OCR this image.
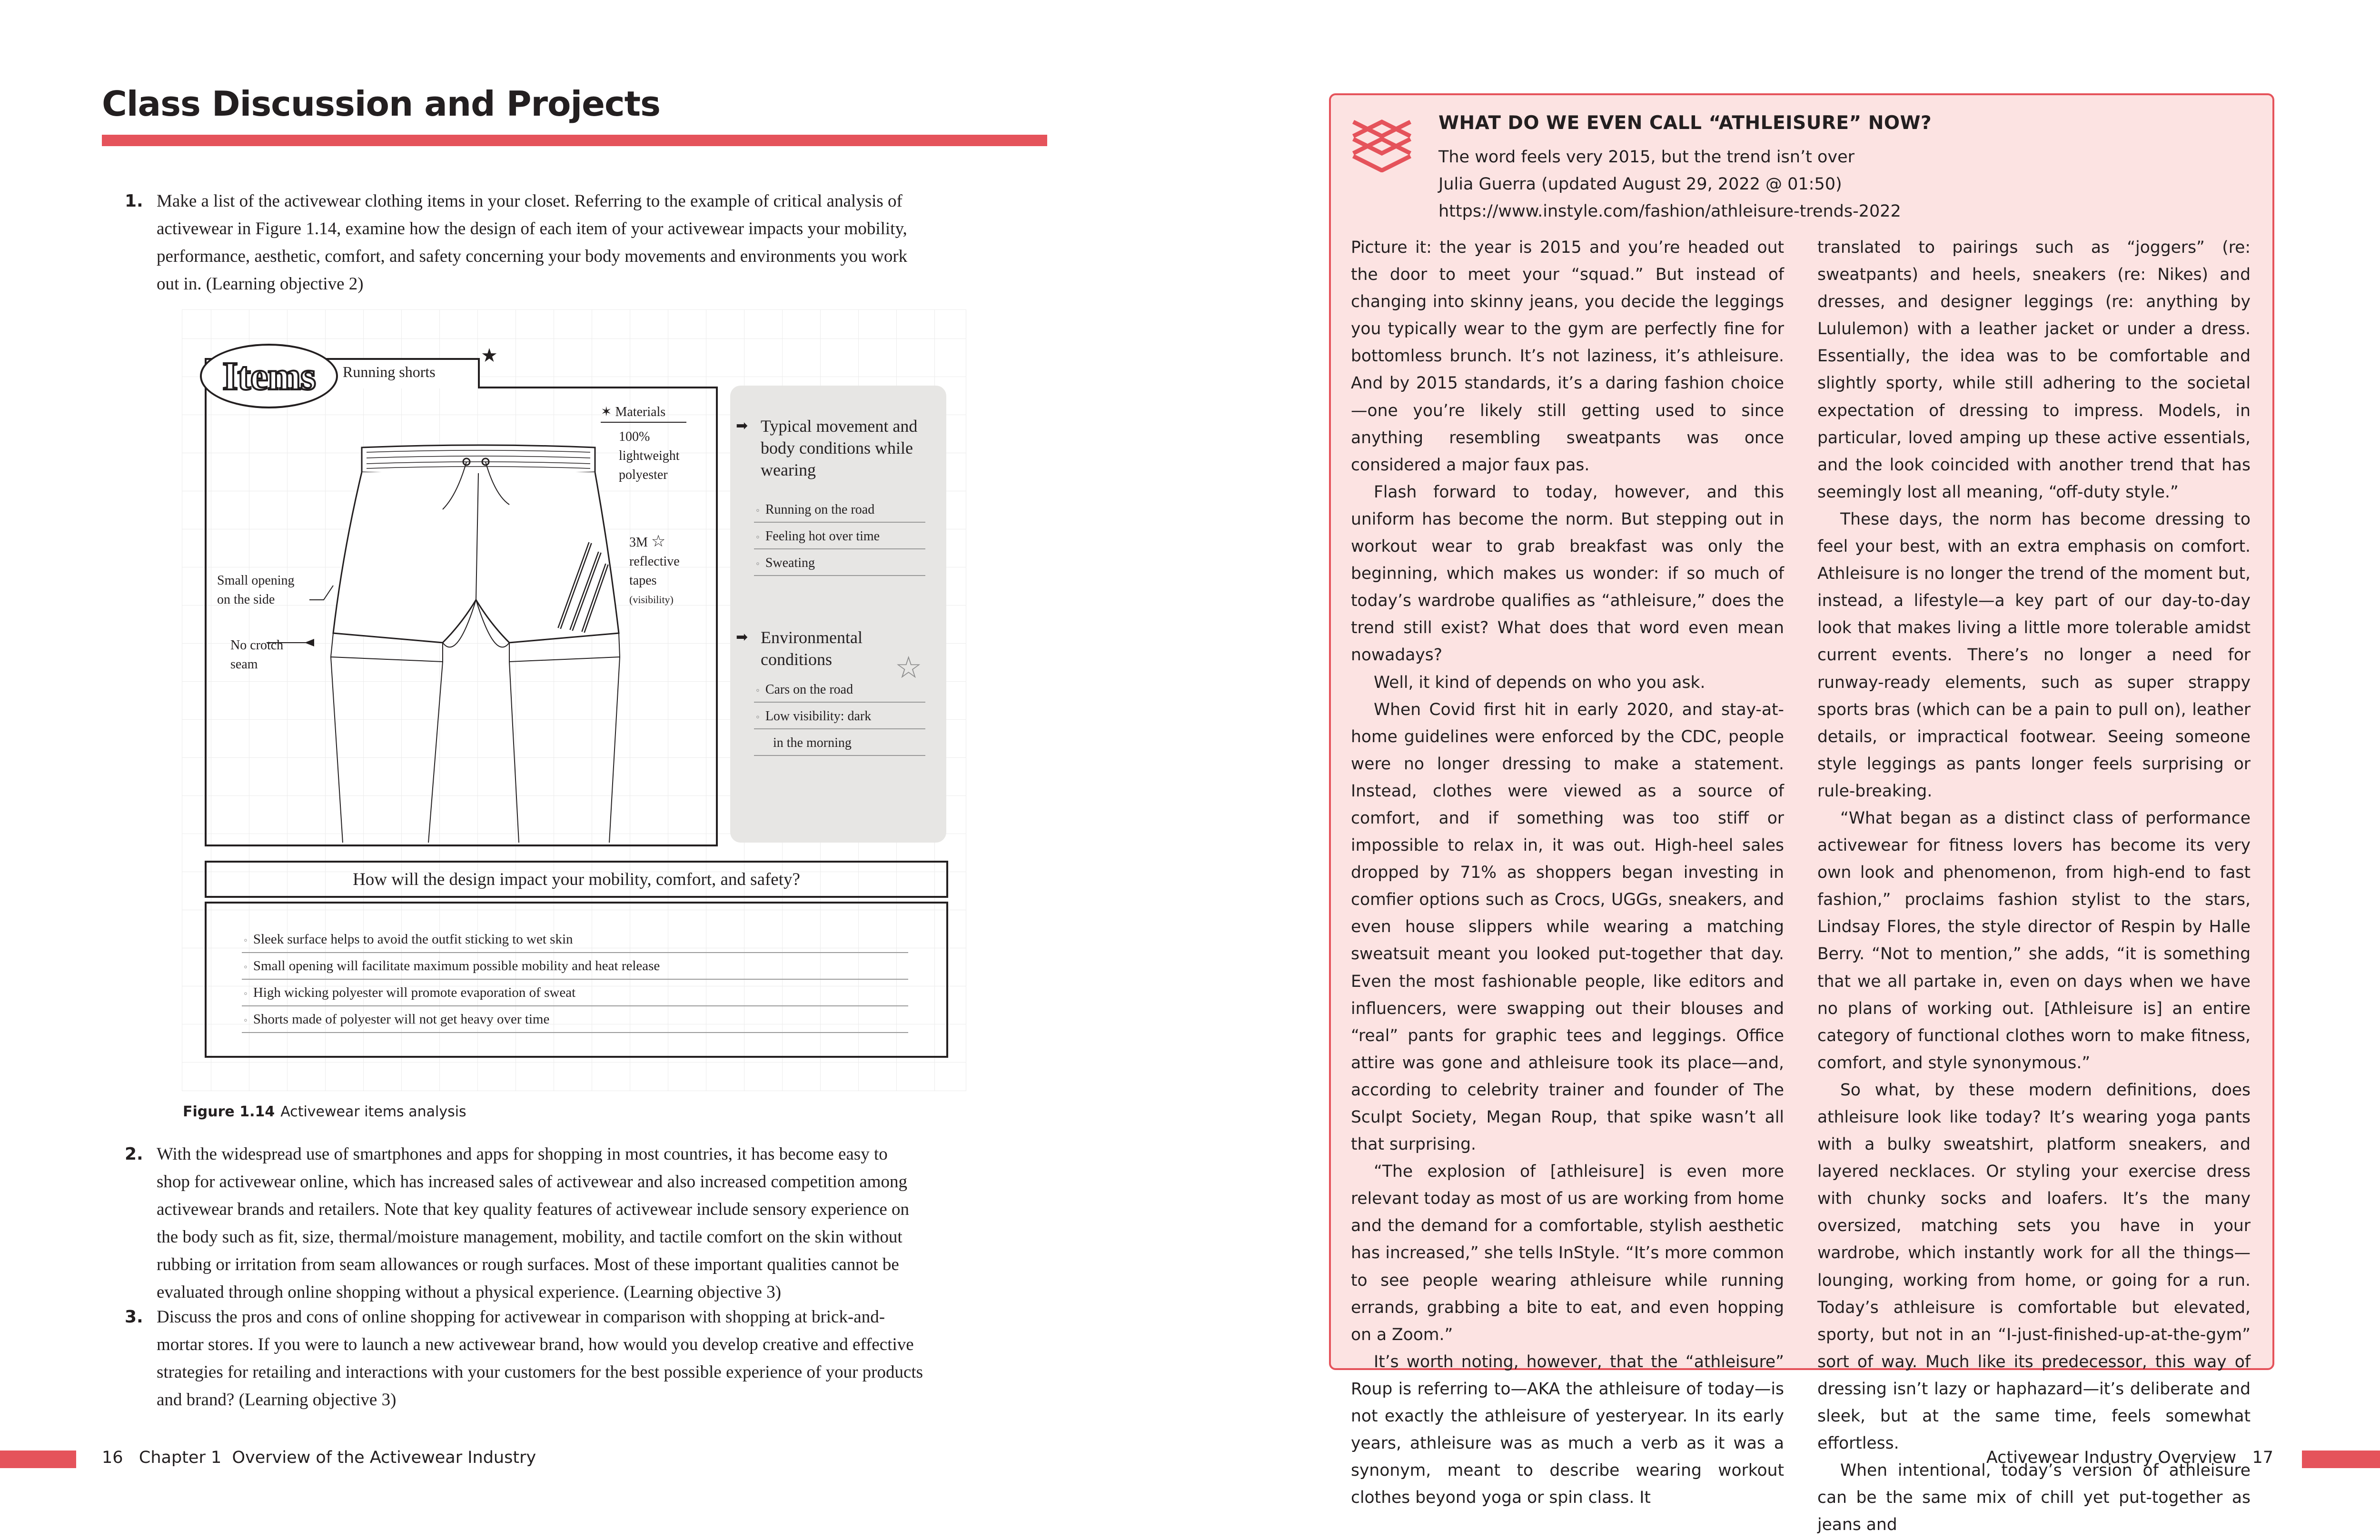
Class Discussion and Projects
1. Make a list of the activewear clothing items in your closet. Referring to the example of critical analysis of

activewear in Figure 1.14, examine how the design of each item of your activewear impacts your mobility,

performance, aesthetic, comfort, and safety concerning your body movements and environments you work

out in. (Learning objective 2)

Items Running shorts
★
✶ Materials
100%
lightweight
polyester
3M ☆
reflective
tapes
(visibility)
Small opening
on the side
No crotch
seam
➡ Typical movement and
body conditions while
wearing
◦ Running on the road
◦ Feeling hot over time
◦ Sweating
➡ Environmental
conditions	☆
◦ Cars on the road
◦ Low visibility: dark
in the morning
How will the design impact your mobility, comfort, and safety?
◦ Sleek surface helps to avoid the outfit sticking to wet skin
◦ Small opening will facilitate maximum possible mobility and heat release
◦ High wicking polyester will promote evaporation of sweat
◦ Shorts made of polyester will not get heavy over time
Figure 1.14 Activewear items analysis
2. With the widespread use of smartphones and apps for shopping in most countries, it has become easy to

shop for activewear online, which has increased sales of activewear and also increased competition among

activewear brands and retailers. Note that key quality features of activewear include sensory experience on

the body such as fit, size, thermal/moisture management, mobility, and tactile comfort on the skin without

rubbing or irritation from seam allowances or rough surfaces. Most of these important qualities cannot be

evaluated through online shopping without a physical experience. (Learning objective 3)

3. Discuss the pros and cons of online shopping for activewear in comparison with shopping at brick-and-

mortar stores. If you were to launch a new activewear brand, how would you develop creative and effective

strategies for retailing and interactions with your customers for the best possible experience of your products

and brand? (Learning objective 3)

16   Chapter 1  Overview of the Activewear Industry
WHAT DO WE EVEN CALL “ATHLEISURE” NOW?
The word feels very 2015, but the trend isn’t over
Julia Guerra (updated August 29, 2022 @ 01:50)
https://www.instyle.com/fashion/athleisure-trends-2022

Picture it: the year is 2015 and you’re headed out the door to meet your “squad.” But instead of changing into skinny jeans, you decide the leggings you typically wear to the gym are perfectly fine for bottomless brunch. It’s not laziness, it’s athleisure. And by 2015 standards, it’s a daring fashion choice—one you’re likely still getting used to since anything resembling sweatpants was once considered a major faux pas.

Flash forward to today, however, and this uniform has become the norm. But stepping out in workout wear to grab breakfast was only the beginning, which makes us wonder: if so much of today’s wardrobe qualifies as “athleisure,” does the trend still exist? What does that word even mean nowadays?

Well, it kind of depends on who you ask.

When Covid first hit in early 2020, and stay-at-home guidelines were enforced by the CDC, people were no longer dressing to make a statement. Instead, clothes were viewed as a source of comfort, and if something was too stiff or impossible to relax in, it was out. High-heel sales dropped by 71% as shoppers began investing in comfier options such as Crocs, UGGs, sneakers, and even house slippers while wearing a matching sweatsuit meant you looked put-together that day. Even the most fashionable people, like editors and influencers, were swapping out their blouses and “real” pants for graphic tees and leggings. Office attire was gone and athleisure took its place—and, according to celebrity trainer and founder of The Sculpt Society, Megan Roup, that spike wasn’t all that surprising.

“The explosion of [athleisure] is even more relevant today as most of us are working from home and the demand for a comfortable, stylish aesthetic has increased,” she tells InStyle. “It’s more common to see people wearing athleisure while running errands, grabbing a bite to eat, and even hopping on a Zoom.”

It’s worth noting, however, that the “athleisure” Roup is referring to—AKA the athleisure of today—is not exactly the athleisure of yesteryear. In its early years, athleisure was as much a verb as it was a synonym, meant to describe wearing workout clothes beyond yoga or spin class. It

translated to pairings such as “joggers” (re: sweatpants) and heels, sneakers (re: Nikes) and dresses, and designer leggings (re: anything by Lululemon) with a leather jacket or under a dress. Essentially, the idea was to be comfortable and slightly sporty, while still adhering to the societal expectation of dressing to impress. Models, in particular, loved amping up these active essentials, and the look coincided with another trend that has seemingly lost all meaning, “off-duty style.”

These days, the norm has become dressing to feel your best, with an extra emphasis on comfort. Athleisure is no longer the trend of the moment but, instead, a lifestyle—a key part of our day-to-day look that makes living a little more tolerable amidst current events. There’s no longer a need for runway-ready elements, such as super strappy sports bras (which can be a pain to pull on), leather details, or impractical footwear. Seeing someone style leggings as pants longer feels surprising or rule-breaking.

“What began as a distinct class of performance activewear for fitness lovers has become its very own look and phenomenon, from high-end to fast fashion,” proclaims fashion stylist to the stars, Lindsay Flores, the style director of Respin by Halle Berry. “Not to mention,” she adds, “it is something that we all partake in, even on days when we have no plans of working out. [Athleisure is] an entire category of functional clothes worn to make fitness, comfort, and style synonymous.”

So what, by these modern definitions, does athleisure look like today? It’s wearing yoga pants with a bulky sweatshirt, platform sneakers, and layered necklaces. Or styling your exercise dress with chunky socks and loafers. It’s the many oversized, matching sets you have in your wardrobe, which instantly work for all the things—lounging, working from home, or going for a run. Today’s athleisure is comfortable but elevated, sporty, but not in an “I-just-finished-up-at-the-gym” sort of way. Much like its predecessor, this way of dressing isn’t lazy or haphazard—it’s deliberate and sleek, but at the same time, feels somewhat effortless.

When intentional, today’s version of athleisure can be the same mix of chill yet put-together as jeans and

Activewear Industry Overview   17
